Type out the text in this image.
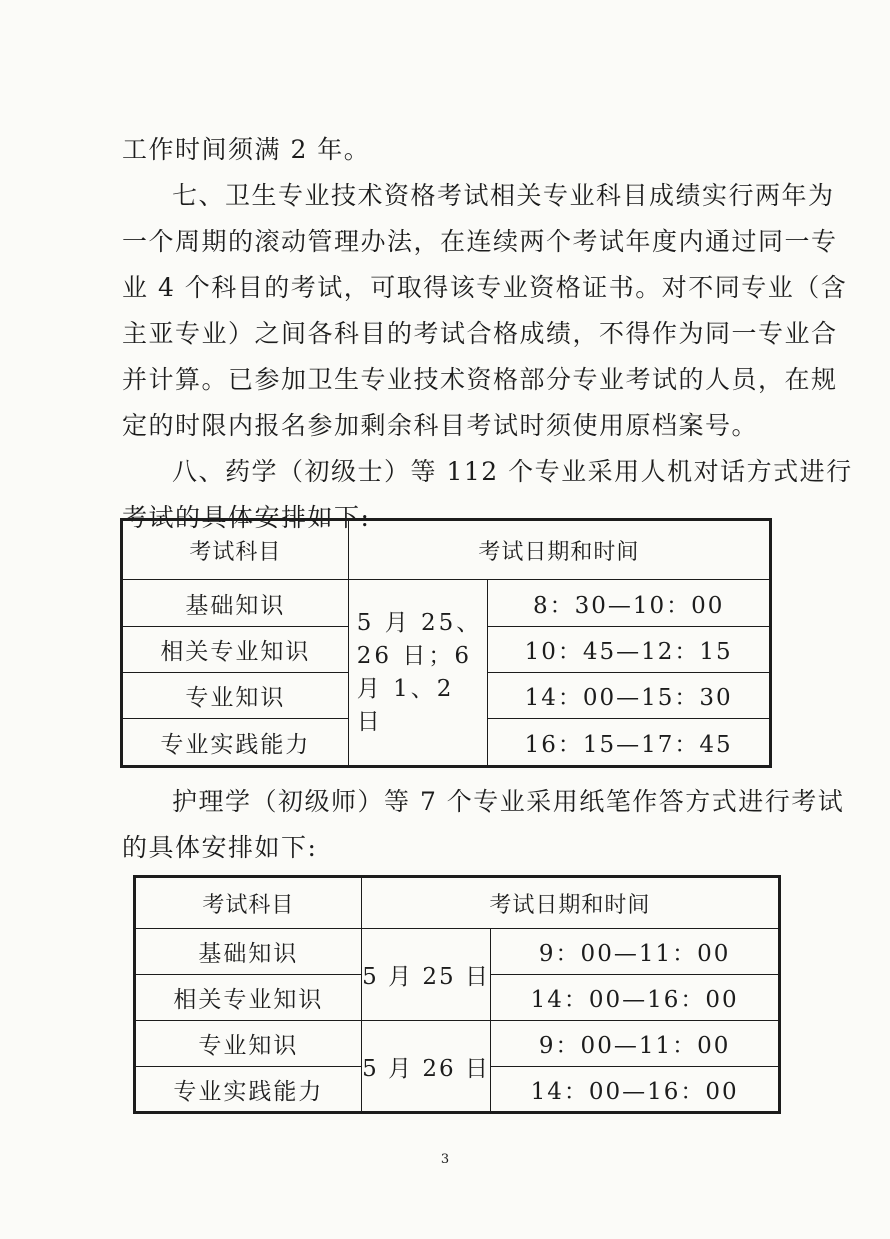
工作时间须满 2 年。

七、卫生专业技术资格考试相关专业科目成绩实行两年为

一个周期的滚动管理办法，在连续两个考试年度内通过同一专

业 4 个科目的考试，可取得该专业资格证书。对不同专业（含

主亚专业）之间各科目的考试合格成绩，不得作为同一专业合

并计算。已参加卫生专业技术资格部分专业考试的人员，在规

定的时限内报名参加剩余科目考试时须使用原档案号。

八、药学（初级士）等 112 个专业采用人机对话方式进行

考试的具体安排如下:

考试科目	考试日期和时间	
基础知识	5 月 25、26 日；6 月 1、2 日	8：30—10：00
相关专业知识		10：45—12：15
专业知识		14：00—15：30
专业实践能力		16：15—17：45

护理学（初级师）等 7 个专业采用纸笔作答方式进行考试

的具体安排如下:

考试科目	考试日期和时间	
基础知识	5 月 25 日	9：00—11：00
相关专业知识		14：00—16：00
专业知识	5 月 26 日	9：00—11：00
专业实践能力		14：00—16：00
3
